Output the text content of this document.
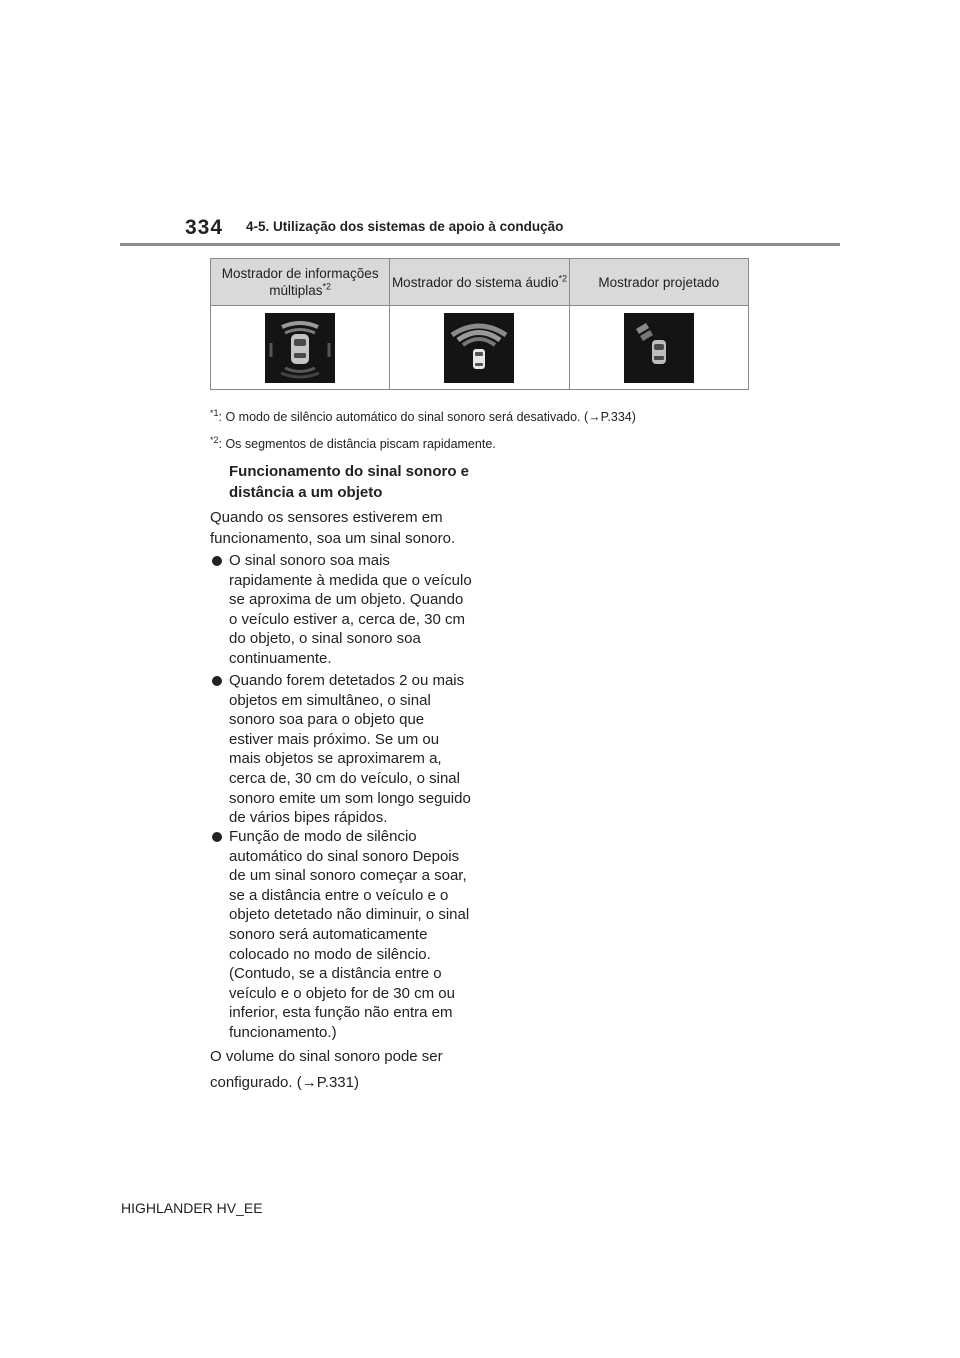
334 4-5. Utilização dos sistemas de apoio à condução
Mostrador de informações múltiplas$^{*2}$	Mostrador do sistema áudio$^{*2}$	Mostrador projetado

$^{*1}$: O modo de silêncio automático do sinal sonoro será desativado. (→P.334)
$^{*2}$: Os segmentos de distância piscam rapidamente.
Funcionamento do sinal sonoro e distância a um objeto
Quando os sensores estiverem em funcionamento, soa um sinal sonoro.
O sinal sonoro soa mais rapidamente à medida que o veículo se aproxima de um objeto. Quando o veículo estiver a, cerca de, 30 cm do objeto, o sinal sonoro soa continuamente.
Quando forem detetados 2 ou mais objetos em simultâneo, o sinal sonoro soa para o objeto que estiver mais próximo. Se um ou mais objetos se aproximarem a, cerca de, 30 cm do veículo, o sinal sonoro emite um som longo seguido de vários bipes rápidos.
Função de modo de silêncio automático do sinal sonoro Depois de um sinal sonoro começar a soar, se a distância entre o veículo e o objeto detetado não diminuir, o sinal sonoro será automaticamente colocado no modo de silêncio. (Contudo, se a distância entre o veículo e o objeto for de 30 cm ou inferior, esta função não entra em funcionamento.)
O volume do sinal sonoro pode ser configurado. (→P.331)
HIGHLANDER HV_EE
